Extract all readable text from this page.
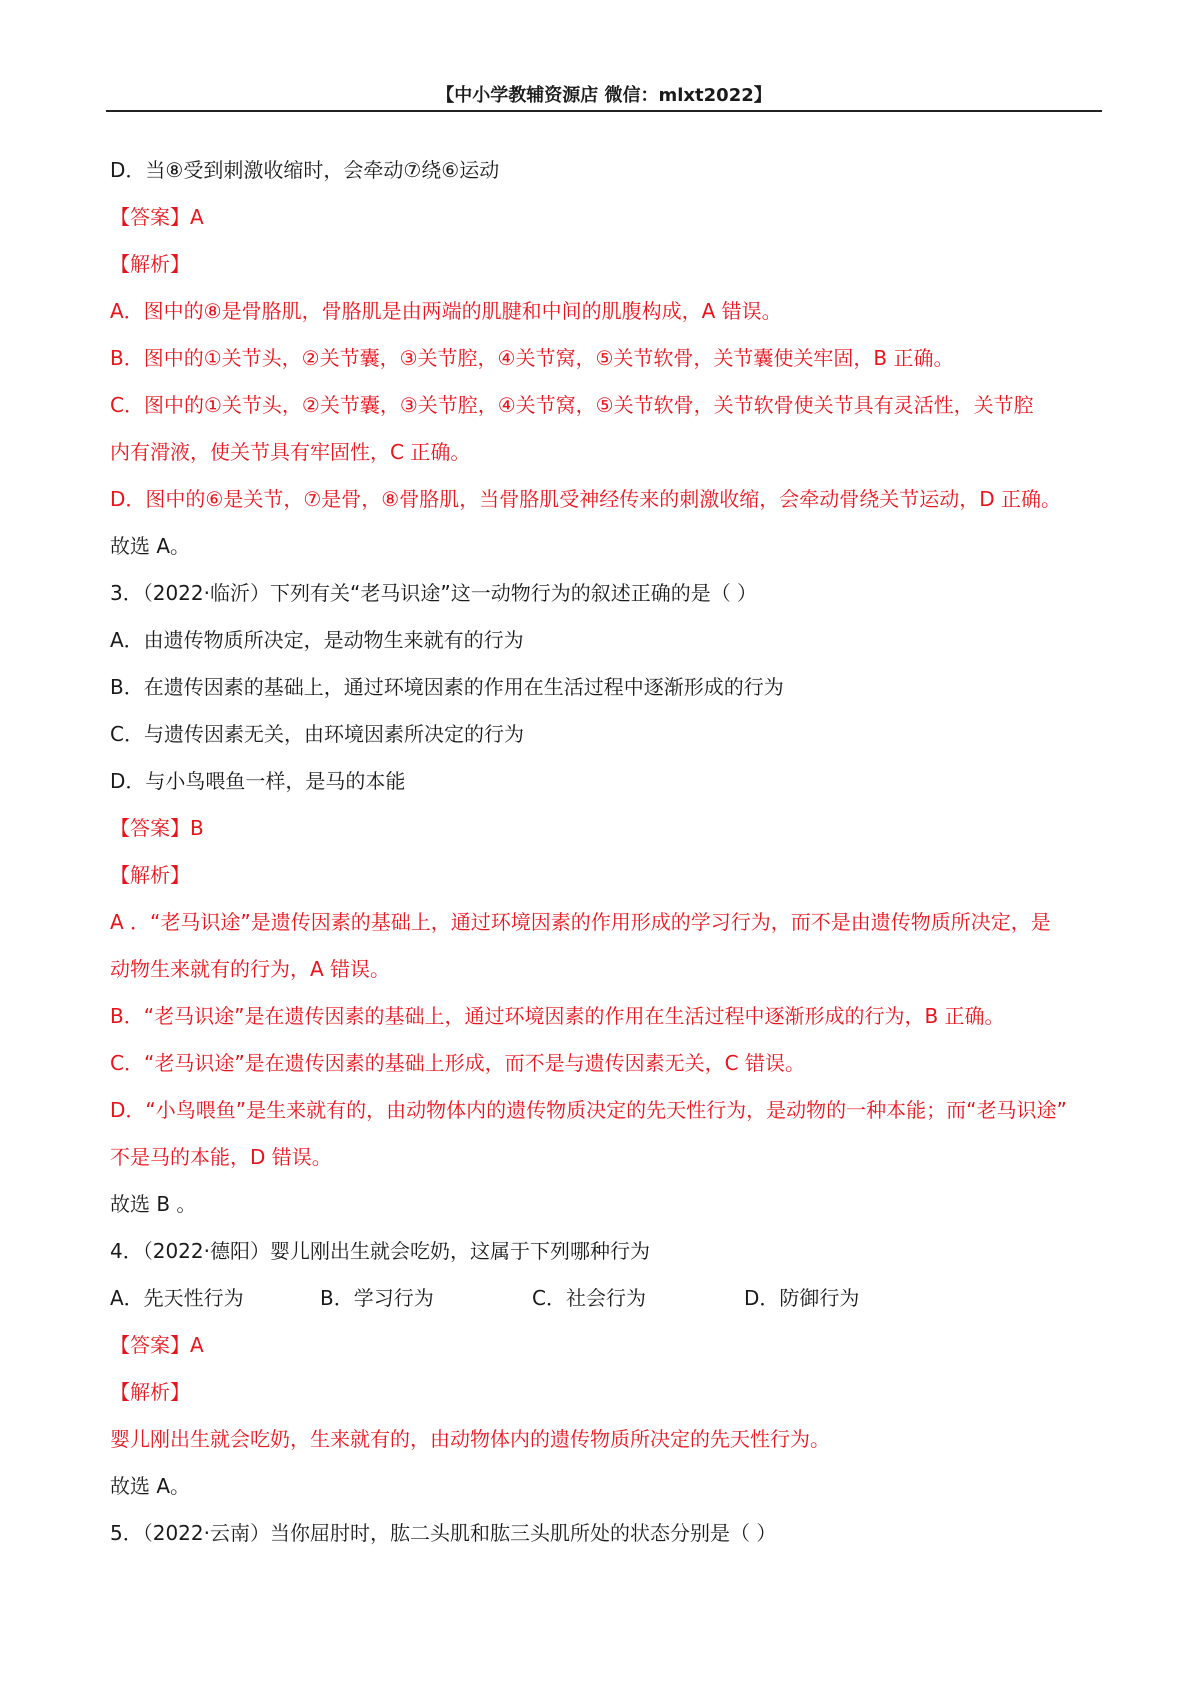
【中小学教辅资源店 微信：mlxt2022】
D．当⑧受到刺激收缩时，会牵动⑦绕⑥运动
【答案】A
【解析】
A．图中的⑧是骨胳肌，骨胳肌是由两端的肌腱和中间的肌腹构成，A 错误。
B．图中的①关节头，②关节囊，③关节腔，④关节窝，⑤关节软骨，关节囊使关牢固，B 正确。
C．图中的①关节头，②关节囊，③关节腔，④关节窝，⑤关节软骨，关节软骨使关节具有灵活性，关节腔
内有滑液，使关节具有牢固性，C 正确。
D．图中的⑥是关节，⑦是骨，⑧骨胳肌，当骨胳肌受神经传来的刺激收缩，会牵动骨绕关节运动，D 正确。
故选 A。
3．（2022·临沂）下列有关“老马识途”这一动物行为的叙述正确的是（ ）
A．由遗传物质所决定，是动物生来就有的行为
B．在遗传因素的基础上，通过环境因素的作用在生活过程中逐渐形成的行为
C．与遗传因素无关，由环境因素所决定的行为
D．与小鸟喂鱼一样，是马的本能
【答案】B
【解析】
A ．“老马识途”是遗传因素的基础上，通过环境因素的作用形成的学习行为，而不是由遗传物质所决定，是
动物生来就有的行为，A 错误。
B．“老马识途”是在遗传因素的基础上，通过环境因素的作用在生活过程中逐渐形成的行为，B 正确。
C．“老马识途”是在遗传因素的基础上形成，而不是与遗传因素无关，C 错误。
D．“小鸟喂鱼”是生来就有的，由动物体内的遗传物质决定的先天性行为，是动物的一种本能；而“老马识途”
不是马的本能，D 错误。
故选 B 。
4．（2022·德阳）婴儿刚出生就会吃奶，这属于下列哪种行为
A．先天性行为	B．学习行为	C．社会行为	D．防御行为
【答案】A
【解析】
婴儿刚出生就会吃奶，生来就有的，由动物体内的遗传物质所决定的先天性行为。
故选 A。
5．（2022·云南）当你屈肘时，肱二头肌和肱三头肌所处的状态分别是（ ）
